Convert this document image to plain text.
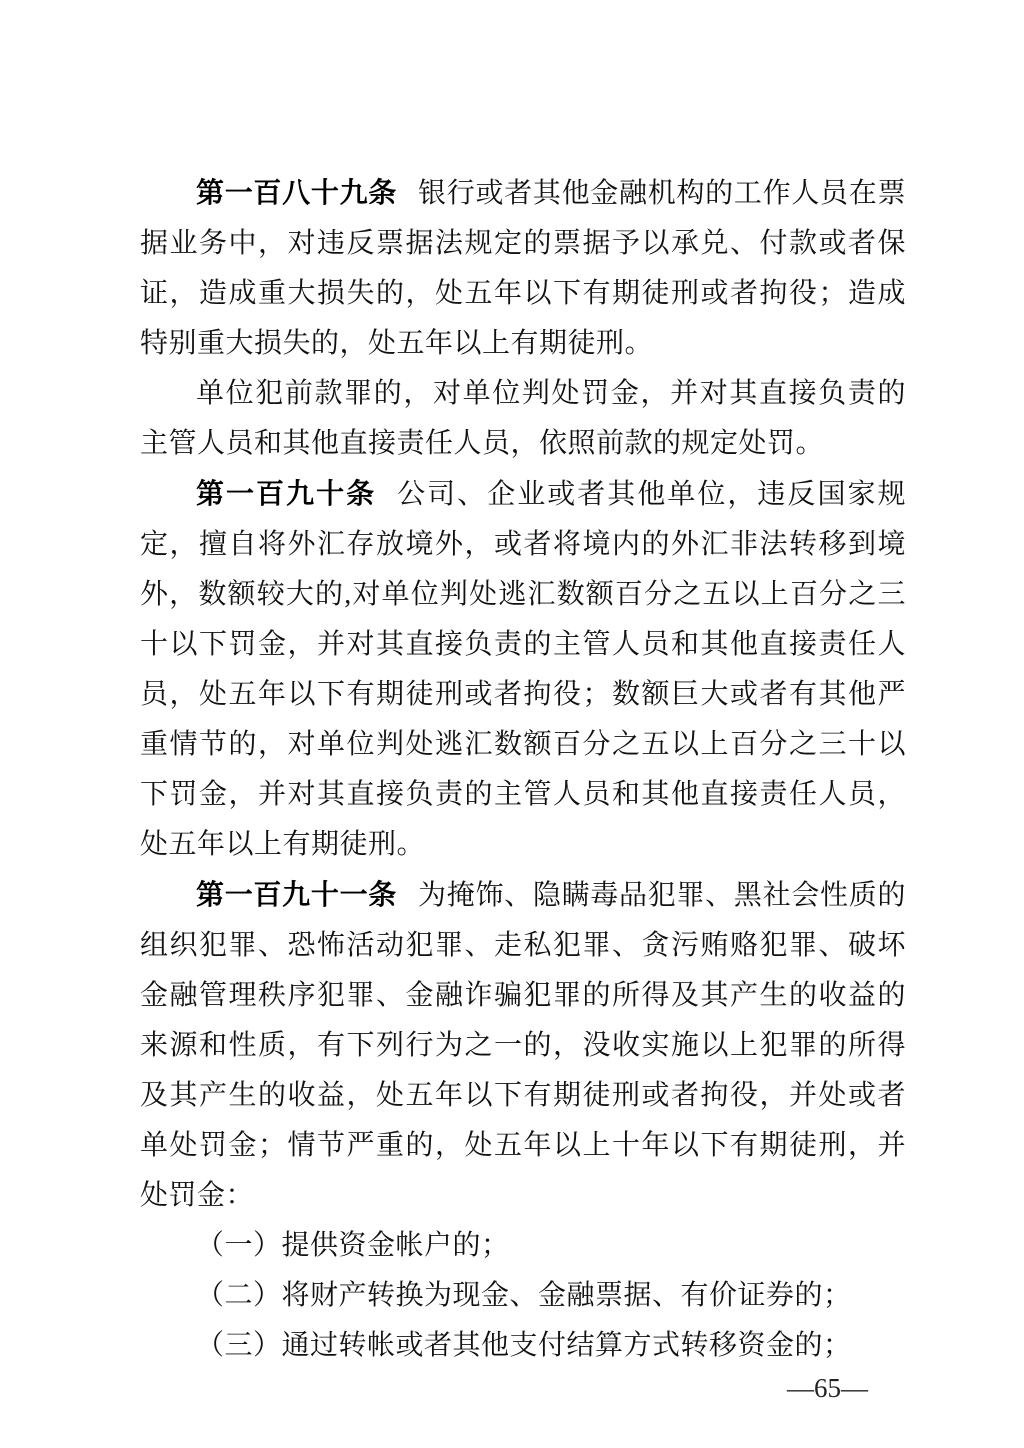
第一百八十九条 银行或者其他金融机构的工作人员在票据业务中，对违反票据法规定的票据予以承兑、付款或者保证，造成重大损失的，处五年以下有期徒刑或者拘役；造成特别重大损失的，处五年以上有期徒刑。

单位犯前款罪的，对单位判处罚金，并对其直接负责的主管人员和其他直接责任人员，依照前款的规定处罚。

第一百九十条 公司、企业或者其他单位，违反国家规定，擅自将外汇存放境外，或者将境内的外汇非法转移到境外，数额较大的,对单位判处逃汇数额百分之五以上百分之三十以下罚金，并对其直接负责的主管人员和其他直接责任人员，处五年以下有期徒刑或者拘役；数额巨大或者有其他严重情节的，对单位判处逃汇数额百分之五以上百分之三十以下罚金，并对其直接负责的主管人员和其他直接责任人员，处五年以上有期徒刑。

第一百九十一条 为掩饰、隐瞒毒品犯罪、黑社会性质的组织犯罪、恐怖活动犯罪、走私犯罪、贪污贿赂犯罪、破坏金融管理秩序犯罪、金融诈骗犯罪的所得及其产生的收益的来源和性质，有下列行为之一的，没收实施以上犯罪的所得及其产生的收益，处五年以下有期徒刑或者拘役，并处或者单处罚金；情节严重的，处五年以上十年以下有期徒刑，并处罚金：

（一）提供资金帐户的；

（二）将财产转换为现金、金融票据、有价证券的；

（三）通过转帐或者其他支付结算方式转移资金的；

—65—
